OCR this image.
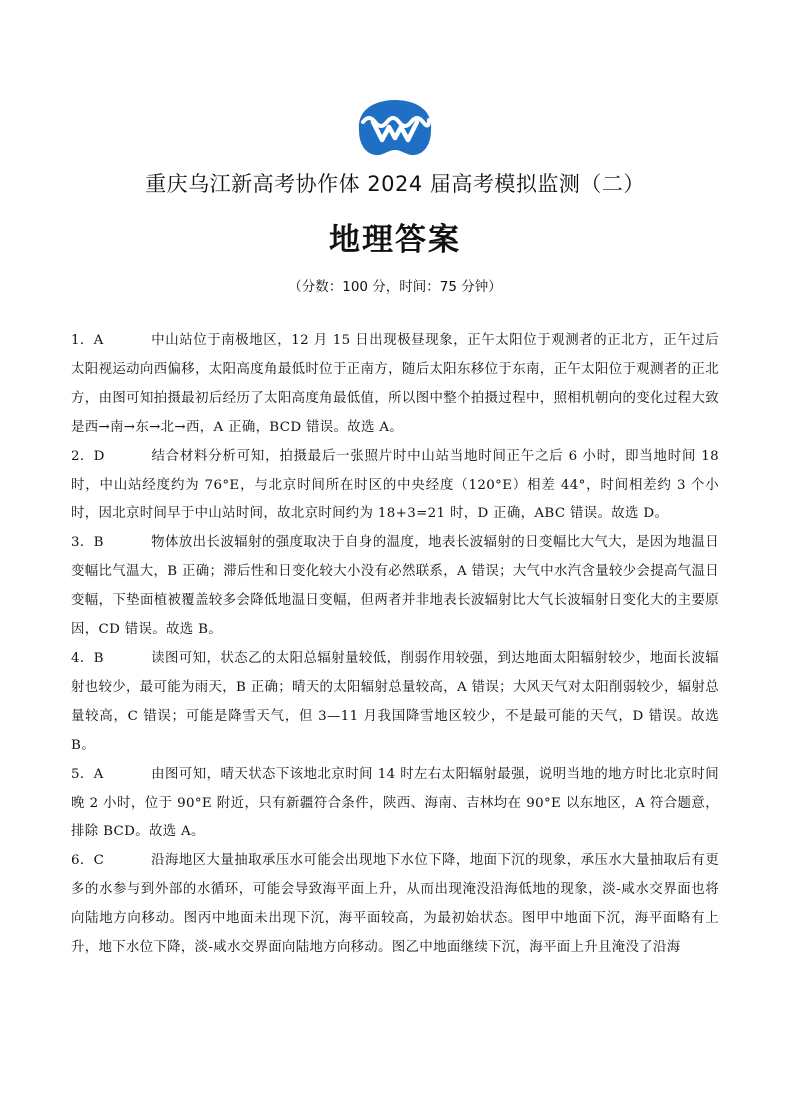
重庆乌江新高考协作体 2024 届高考模拟监测（二）
地理答案
（分数：100 分，时间：75 分钟）

1．A	中山站位于南极地区，12 月 15 日出现极昼现象，正午太阳位于观测者的正北方，正午过后太阳视运动向西偏移，太阳高度角最低时位于正南方，随后太阳东移位于东南，正午太阳位于观测者的正北方，由图可知拍摄最初后经历了太阳高度角最低值，所以图中整个拍摄过程中，照相机朝向的变化过程大致是西→南→东→北→西，A 正确，BCD 错误。故选 A。

2．D	结合材料分析可知，拍摄最后一张照片时中山站当地时间正午之后 6 小时，即当地时间 18 时，中山站经度约为 76°E，与北京时间所在时区的中央经度（120°E）相差 44°，时间相差约 3 个小时，因北京时间早于中山站时间，故北京时间约为 18+3=21 时，D 正确，ABC 错误。故选 D。

3．B	物体放出长波辐射的强度取决于自身的温度，地表长波辐射的日变幅比大气大，是因为地温日变幅比气温大，B 正确；滞后性和日变化较大小没有必然联系，A 错误；大气中水汽含量较少会提高气温日变幅，下垫面植被覆盖较多会降低地温日变幅，但两者并非地表长波辐射比大气长波辐射日变化大的主要原因，CD 错误。故选 B。

4．B	读图可知，状态乙的太阳总辐射量较低，削弱作用较强，到达地面太阳辐射较少，地面长波辐射也较少，最可能为雨天，B 正确；晴天的太阳辐射总量较高，A 错误；大风天气对太阳削弱较少，辐射总量较高，C 错误；可能是降雪天气，但 3—11 月我国降雪地区较少，不是最可能的天气，D 错误。故选 B。

5．A	由图可知，晴天状态下该地北京时间 14 时左右太阳辐射最强，说明当地的地方时比北京时间晚 2 小时，位于 90°E 附近，只有新疆符合条件，陕西、海南、吉林均在 90°E 以东地区，A 符合题意，排除 BCD。故选 A。

6．C	沿海地区大量抽取承压水可能会出现地下水位下降，地面下沉的现象，承压水大量抽取后有更多的水参与到外部的水循环，可能会导致海平面上升，从而出现淹没沿海低地的现象，淡-咸水交界面也将向陆地方向移动。图丙中地面未出现下沉，海平面较高，为最初始状态。图甲中地面下沉，海平面略有上升，地下水位下降，淡-咸水交界面向陆地方向移动。图乙中地面继续下沉，海平面上升且淹没了沿海
